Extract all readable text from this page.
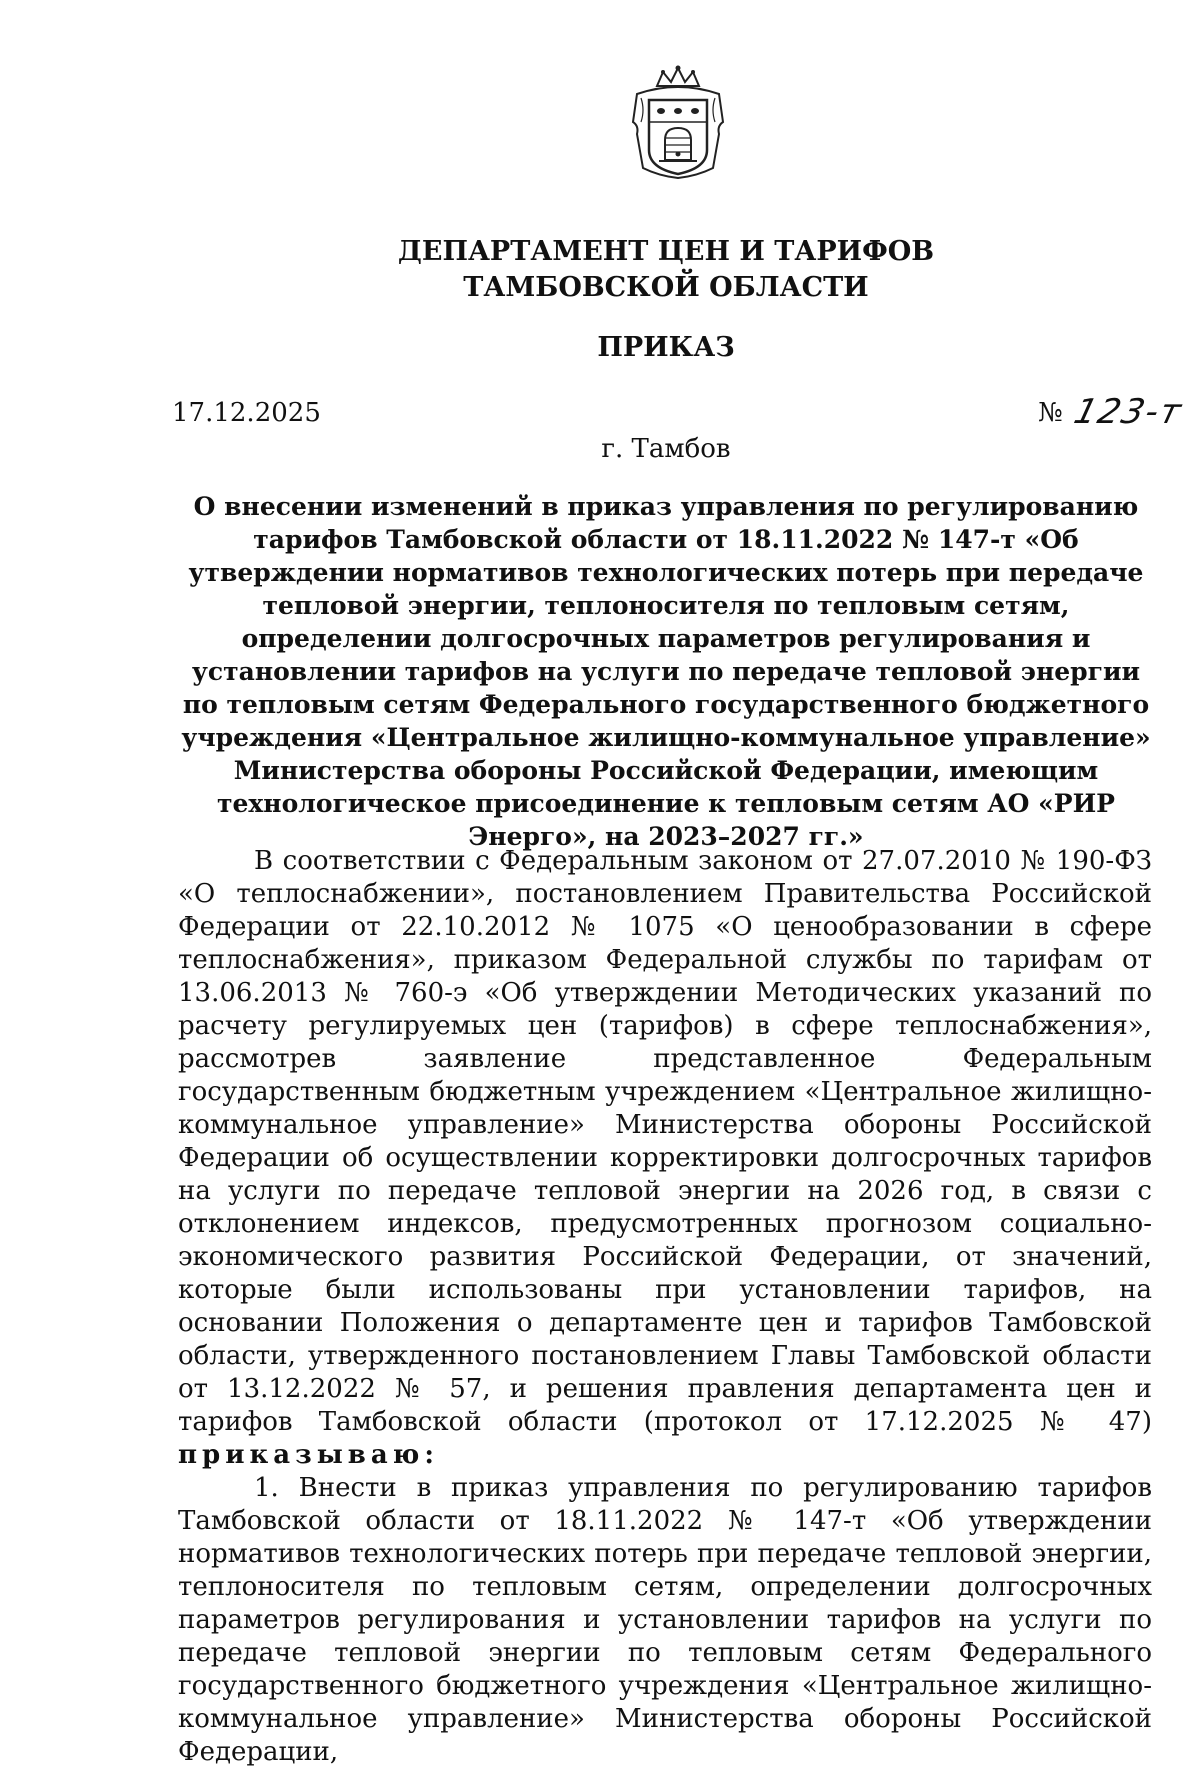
ДЕПАРТАМЕНТ ЦЕН И ТАРИФОВ
ТАМБОВСКОЙ ОБЛАСТИ
ПРИКАЗ
17.12.2025	№ 123-т
г. Тамбов
О внесении изменений в приказ управления по регулированию тарифов Тамбовской области от 18.11.2022 № 147-т «Об утверждении нормативов технологических потерь при передаче тепловой энергии, теплоносителя по тепловым сетям, определении долгосрочных параметров регулирования и установлении тарифов на услуги по передаче тепловой энергии по тепловым сетям Федерального государственного бюджетного учреждения «Центральное жилищно-коммунальное управление» Министерства обороны Российской Федерации, имеющим технологическое присоединение к тепловым сетям АО «РИР Энерго», на 2023–2027 гг.»

В соответствии с Федеральным законом от 27.07.2010 № 190-ФЗ «О теплоснабжении», постановлением Правительства Российской Федерации от 22.10.2012 № 1075 «О ценообразовании в сфере теплоснабжения», приказом Федеральной службы по тарифам от 13.06.2013 № 760-э «Об утверждении Методических указаний по расчету регулируемых цен (тарифов) в сфере теплоснабжения», рассмотрев заявление представленное Федеральным государственным бюджетным учреждением «Центральное жилищно-коммунальное управление» Министерства обороны Российской Федерации об осуществлении корректировки долгосрочных тарифов на услуги по передаче тепловой энергии на 2026 год, в связи с отклонением индексов, предусмотренных прогнозом социально-экономического развития Российской Федерации, от значений, которые были использованы при установлении тарифов, на основании Положения о департаменте цен и тарифов Тамбовской области, утвержденного постановлением Главы Тамбовской области от 13.12.2022 № 57, и решения правления департамента цен и тарифов Тамбовской области (протокол от 17.12.2025 № 47) приказываю:

1. Внести в приказ управления по регулированию тарифов Тамбовской области от 18.11.2022 № 147-т «Об утверждении нормативов технологических потерь при передаче тепловой энергии, теплоносителя по тепловым сетям, определении долгосрочных параметров регулирования и установлении тарифов на услуги по передаче тепловой энергии по тепловым сетям Федерального государственного бюджетного учреждения «Центральное жилищно-коммунальное управление» Министерства обороны Российской Федерации,
